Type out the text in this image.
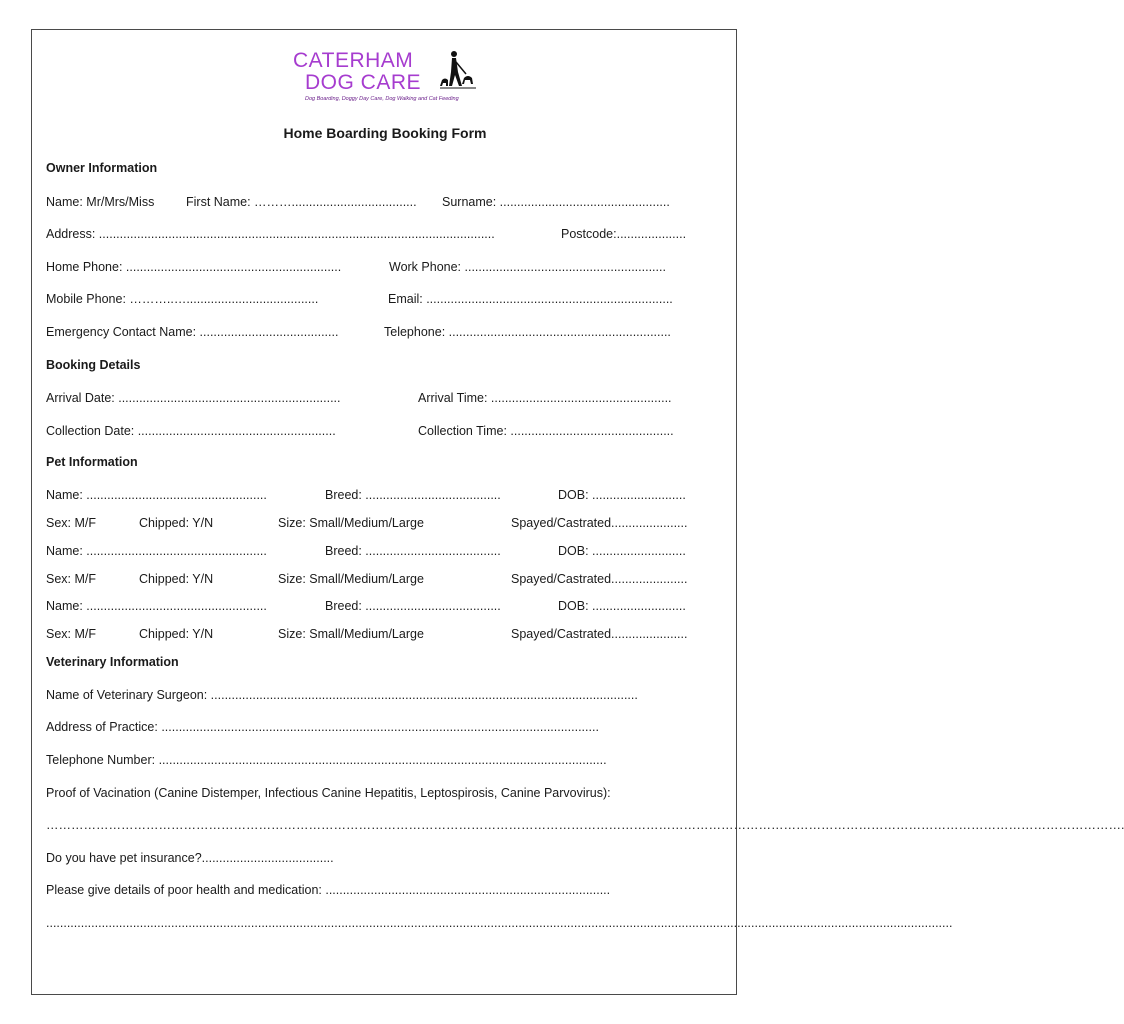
CATERHAM
DOG CARE
Dog Boarding, Doggy Day Care, Dog Walking and Cat Feeding
Home Boarding Booking Form
Owner Information
Name: Mr/Mrs/Miss	First Name: ……….................................... Surname: .................................................
Address: ..................................................................................................................	Postcode:....................
Home Phone: ..............................................................	Work Phone: ..........................................................
Mobile Phone: ………..…......................................	Email: .......................................................................
Emergency Contact Name: ........................................	Telephone: ................................................................
Booking Details
Arrival Date: ................................................................	Arrival Time: ....................................................
Collection Date: .........................................................	Collection Time: ...............................................
Pet Information
Name: ....................................................	Breed: .......................................	DOB: ...........................
Sex: M/F	Chipped: Y/N	Size: Small/Medium/Large	Spayed/Castrated......................
Name: ....................................................	Breed: .......................................	DOB: ...........................
Sex: M/F	Chipped: Y/N	Size: Small/Medium/Large	Spayed/Castrated......................
Name: ....................................................	Breed: .......................................	DOB: ...........................
Sex: M/F	Chipped: Y/N	Size: Small/Medium/Large	Spayed/Castrated......................
Veterinary Information
Name of Veterinary Surgeon: ...........................................................................................................................
Address of Practice: ..............................................................................................................................
Telephone Number: .................................................................................................................................
Proof of Vacination (Canine Distemper, Infectious Canine Hepatitis, Leptospirosis, Canine Parvovirus):
…………………………………………………………………………………………………………………………………………………………………………………………………………………………………….
Do you have pet insurance?......................................
Please give details of poor health and medication: ..................................................................................
.....................................................................................................................................................................................................................................................................
